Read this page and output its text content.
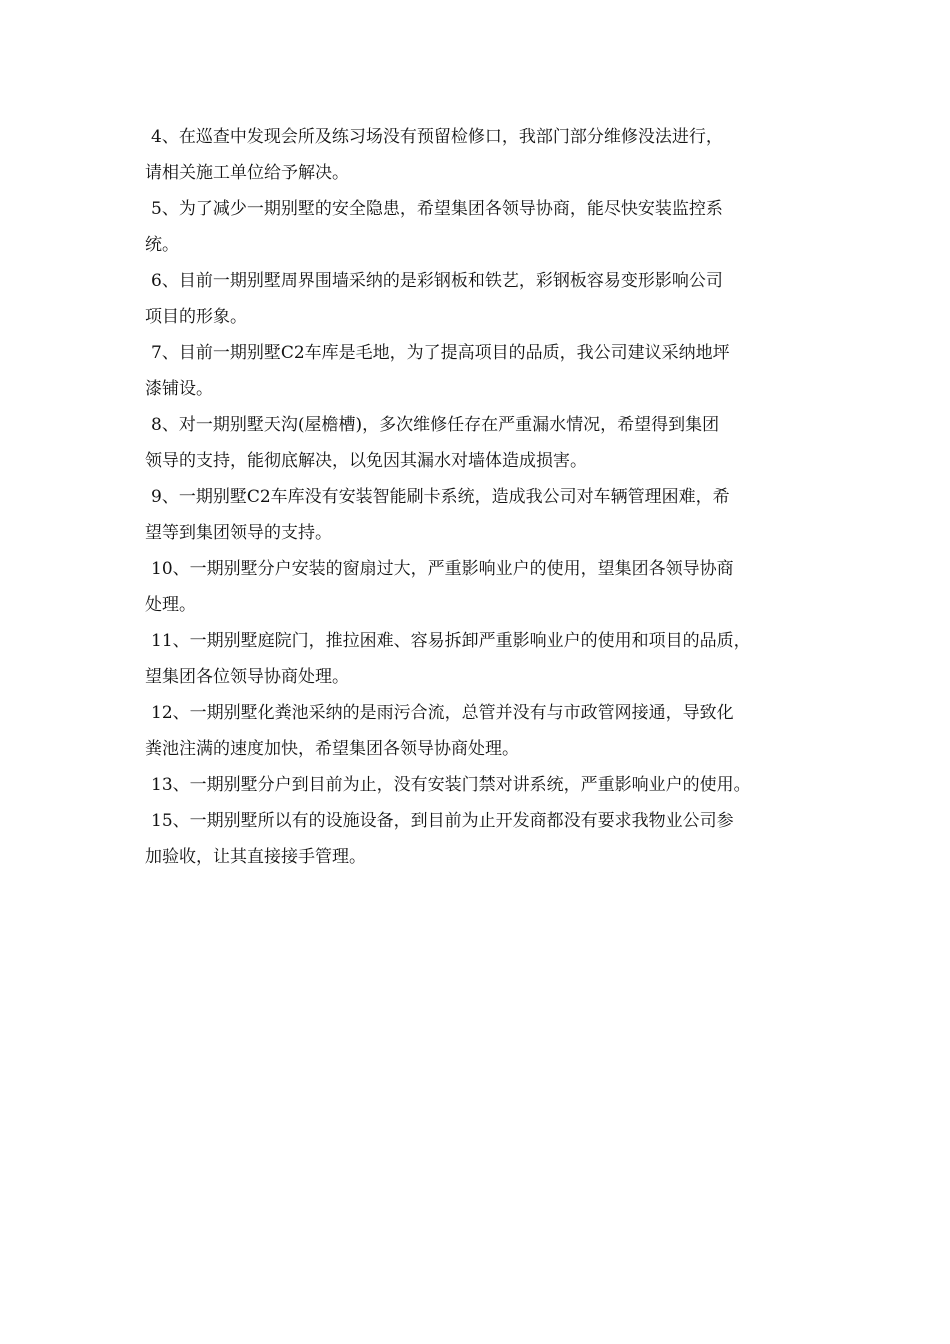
4、在巡查中发现会所及练习场没有预留检修口，我部门部分维修没法进行，
请相关施工单位给予解决。
5、为了减少一期别墅的安全隐患，希望集团各领导协商，能尽快安装监控系
统。
6、目前一期别墅周界围墙采纳的是彩钢板和铁艺，彩钢板容易变形影响公司
项目的形象。
7、目前一期别墅C2车库是毛地，为了提高项目的品质，我公司建议采纳地坪
漆铺设。
8、对一期别墅天沟(屋檐槽)，多次维修任存在严重漏水情况，希望得到集团
领导的支持，能彻底解决，以免因其漏水对墙体造成损害。
9、一期别墅C2车库没有安装智能刷卡系统，造成我公司对车辆管理困难，希
望等到集团领导的支持。
10、一期别墅分户安装的窗扇过大，严重影响业户的使用，望集团各领导协商
处理。
11、一期别墅庭院门，推拉困难、容易拆卸严重影响业户的使用和项目的品质，
望集团各位领导协商处理。
12、一期别墅化粪池采纳的是雨污合流，总管并没有与市政管网接通，导致化
粪池注满的速度加快，希望集团各领导协商处理。
13、一期别墅分户到目前为止，没有安装门禁对讲系统，严重影响业户的使用。
15、一期别墅所以有的设施设备，到目前为止开发商都没有要求我物业公司参
加验收，让其直接接手管理。
